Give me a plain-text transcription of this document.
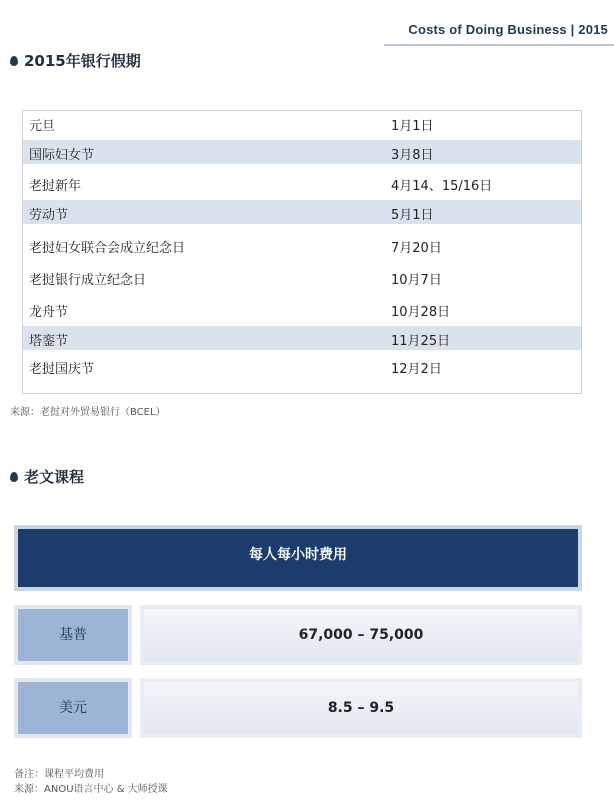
Costs of Doing Business | 2015
2015年银行假期
元旦	1月1日
国际妇女节	3月8日
老挝新年	4月14、15/16日
劳动节	5月1日
老挝妇女联合会成立纪念日	7月20日
老挝银行成立纪念日	10月7日
龙舟节	10月28日
塔銮节	11月25日
老挝国庆节	12月2日
来源：老挝对外贸易银行（BCEL）
老文课程
每人每小时费用
基普	67,000 – 75,000
美元	8.5 – 9.5
备注：课程平均费用
来源：ANOU语言中心 & 大师授课
